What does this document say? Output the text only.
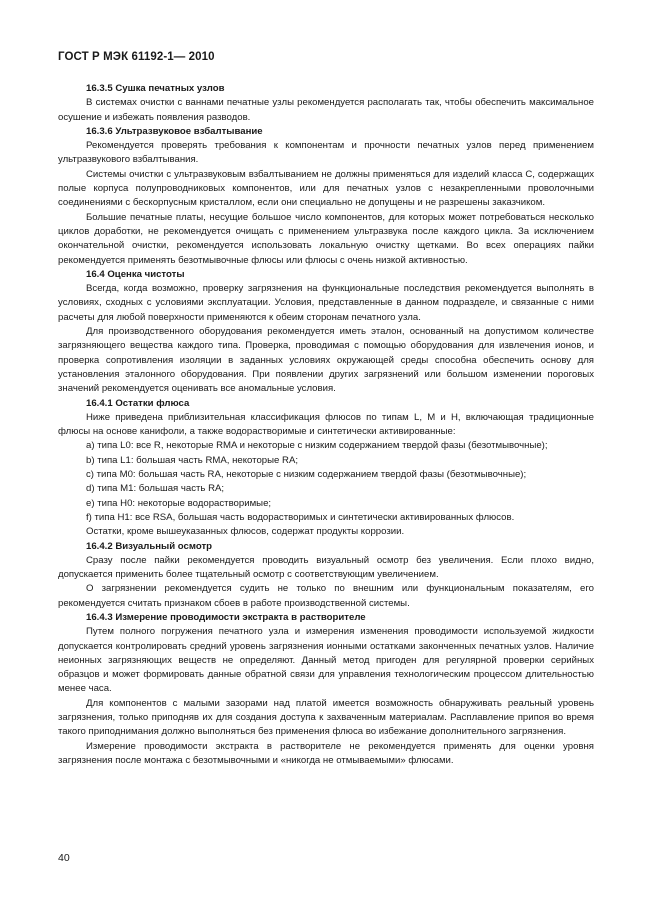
ГОСТ Р МЭК 61192-1— 2010

16.3.5 Сушка печатных узлов

В системах очистки с ваннами печатные узлы рекомендуется располагать так, чтобы обеспечить максимальное осушение и избежать появления разводов.

16.3.6 Ультразвуковое взбалтывание

Рекомендуется проверять требования к компонентам и прочности печатных узлов перед применением ультразвукового взбалтывания.

Системы очистки с ультразвуковым взбалтыванием не должны применяться для изделий класса С, содержащих полые корпуса полупроводниковых компонентов, или для печатных узлов с незакрепленными проволочными соединениями с бескорпусным кристаллом, если они специально не допущены и не разрешены заказчиком.

Большие печатные платы, несущие большое число компонентов, для которых может потребоваться несколько циклов доработки, не рекомендуется очищать с применением ультразвука после каждого цикла. За исключением окончательной очистки, рекомендуется использовать локальную очистку щетками. Во всех операциях пайки рекомендуется применять безотмывочные флюсы или флюсы с очень низкой активностью.

16.4 Оценка чистоты

Всегда, когда возможно, проверку загрязнения на функциональные последствия рекомендуется выполнять в условиях, сходных с условиями эксплуатации. Условия, представленные в данном подразделе, и связанные с ними расчеты для любой поверхности применяются к обеим сторонам печатного узла.

Для производственного оборудования рекомендуется иметь эталон, основанный на допустимом количестве загрязняющего вещества каждого типа. Проверка, проводимая с помощью оборудования для извлечения ионов, и проверка сопротивления изоляции в заданных условиях окружающей среды способна обеспечить основу для установления эталонного оборудования. При появлении других загрязнений или большом изменении пороговых значений рекомендуется оценивать все аномальные условия.

16.4.1 Остатки флюса

Ниже приведена приблизительная классификация флюсов по типам L, М и Н, включающая традиционные флюсы на основе канифоли, а также водорастворимые и синтетически активированные:

а) типа L0: все R, некоторые RMA и некоторые с низким содержанием твердой фазы (безотмывочные);

b) типа L1: большая часть RMA, некоторые RA;

c) типа М0: большая часть RA, некоторые с низким содержанием твердой фазы (безотмывочные);

d) типа М1: большая часть RA;

e) типа Н0: некоторые водорастворимые;

f) типа Н1: все RSA, большая часть водорастворимых и синтетически активированных флюсов.

Остатки, кроме вышеуказанных флюсов, содержат продукты коррозии.

16.4.2 Визуальный осмотр

Сразу после пайки рекомендуется проводить визуальный осмотр без увеличения. Если плохо видно, допускается применить более тщательный осмотр с соответствующим увеличением.

О загрязнении рекомендуется судить не только по внешним или функциональным показателям, его рекомендуется считать признаком сбоев в работе производственной системы.

16.4.3 Измерение проводимости экстракта в растворителе

Путем полного погружения печатного узла и измерения изменения проводимости используемой жидкости допускается контролировать средний уровень загрязнения ионными остатками законченных печатных узлов. Наличие неионных загрязняющих веществ не определяют. Данный метод пригоден для регулярной проверки серийных образцов и может формировать данные обратной связи для управления технологическим процессом длительностью менее часа.

Для компонентов с малыми зазорами над платой имеется возможность обнаруживать реальный уровень загрязнения, только приподняв их для создания доступа к захваченным материалам. Расплавление припоя во время такого приподнимания должно выполняться без применения флюса во избежание дополнительного загрязнения.

Измерение проводимости экстракта в растворителе не рекомендуется применять для оценки уровня загрязнения после монтажа с безотмывочными и «никогда не отмываемыми» флюсами.

40
